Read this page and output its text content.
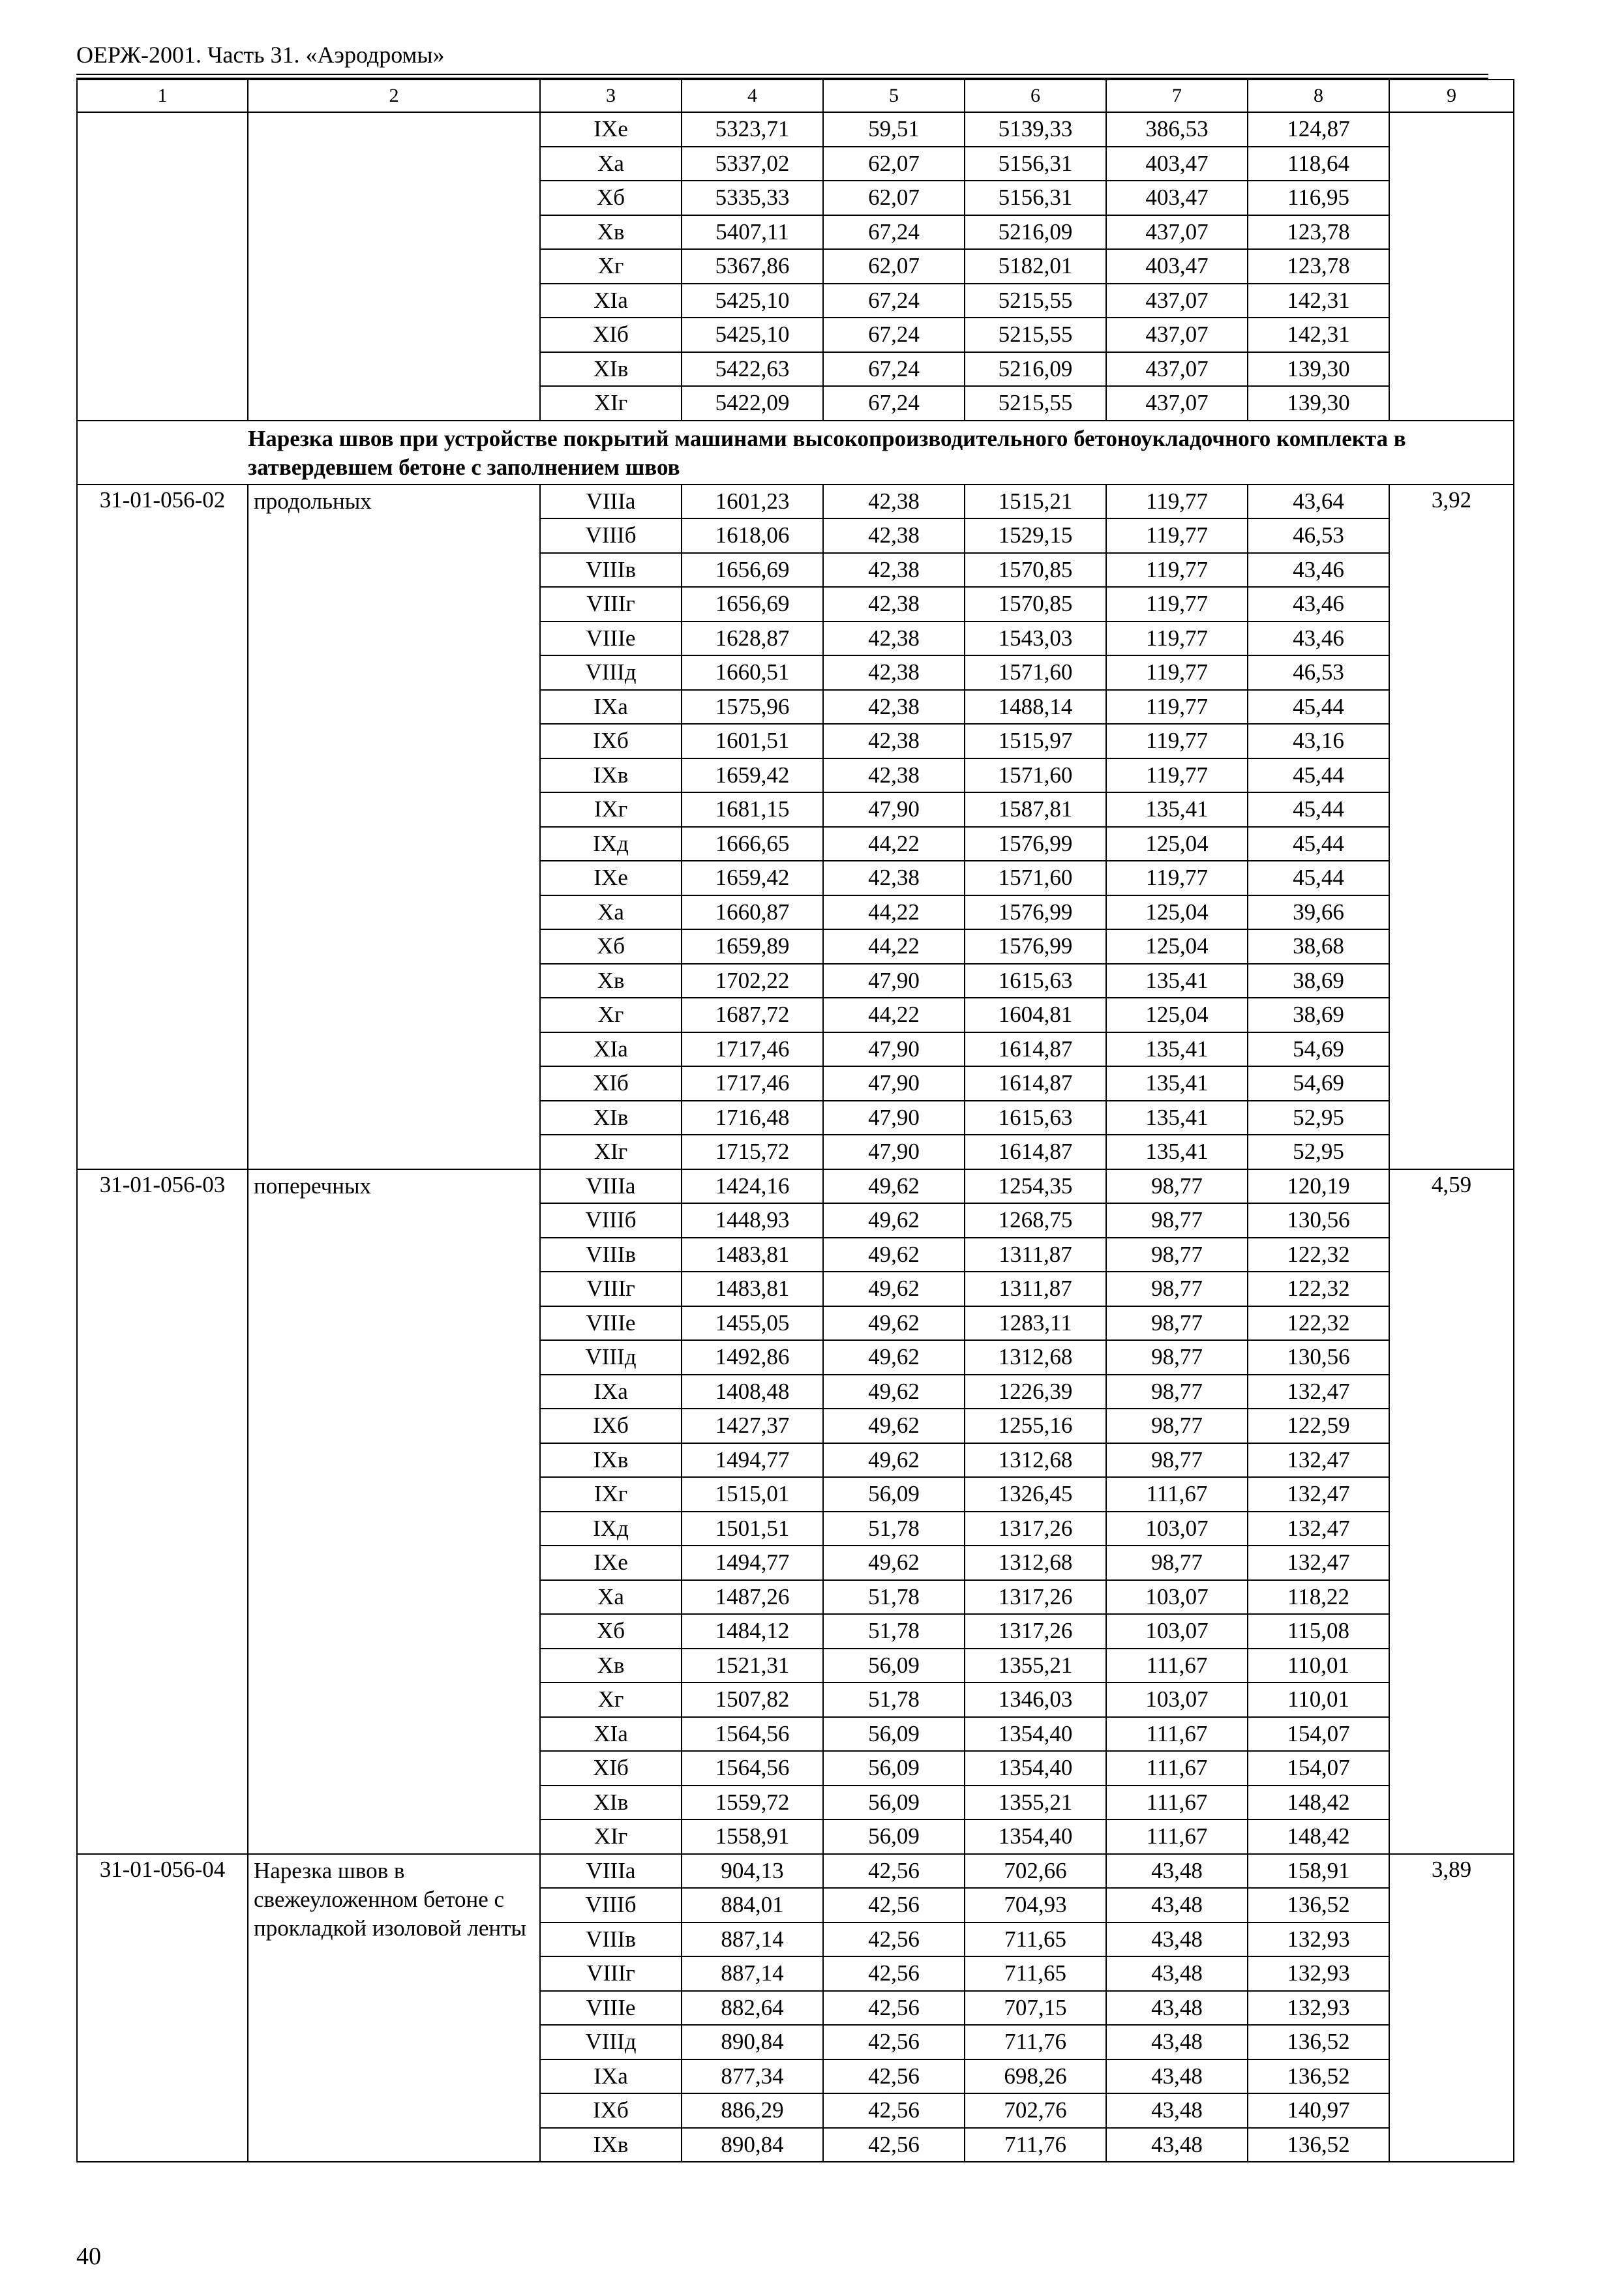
ОЕРЖ-2001. Часть 31. «Аэродромы»
1	2	3	4	5	6	7	8	9
		IXе	5323,71	59,51	5139,33	386,53	124,87	
		Xа	5337,02	62,07	5156,31	403,47	118,64	
		Xб	5335,33	62,07	5156,31	403,47	116,95	
		Xв	5407,11	67,24	5216,09	437,07	123,78	
		Xг	5367,86	62,07	5182,01	403,47	123,78	
		XIа	5425,10	67,24	5215,55	437,07	142,31	
		XIб	5425,10	67,24	5215,55	437,07	142,31	
		XIв	5422,63	67,24	5216,09	437,07	139,30	
		XIг	5422,09	67,24	5215,55	437,07	139,30	
	Нарезка швов при устройстве покрытий машинами высокопроизводительного бетоноукладочного комплекта в затвердевшем бетоне с заполнением швов							
31-01-056-02	продольных	VIIIа	1601,23	42,38	1515,21	119,77	43,64	3,92
		VIIIб	1618,06	42,38	1529,15	119,77	46,53	
		VIIIв	1656,69	42,38	1570,85	119,77	43,46	
		VIIIг	1656,69	42,38	1570,85	119,77	43,46	
		VIIIе	1628,87	42,38	1543,03	119,77	43,46	
		VIIIд	1660,51	42,38	1571,60	119,77	46,53	
		IXа	1575,96	42,38	1488,14	119,77	45,44	
		IXб	1601,51	42,38	1515,97	119,77	43,16	
		IXв	1659,42	42,38	1571,60	119,77	45,44	
		IXг	1681,15	47,90	1587,81	135,41	45,44	
		IXд	1666,65	44,22	1576,99	125,04	45,44	
		IXе	1659,42	42,38	1571,60	119,77	45,44	
		Xа	1660,87	44,22	1576,99	125,04	39,66	
		Xб	1659,89	44,22	1576,99	125,04	38,68	
		Xв	1702,22	47,90	1615,63	135,41	38,69	
		Xг	1687,72	44,22	1604,81	125,04	38,69	
		XIа	1717,46	47,90	1614,87	135,41	54,69	
		XIб	1717,46	47,90	1614,87	135,41	54,69	
		XIв	1716,48	47,90	1615,63	135,41	52,95	
		XIг	1715,72	47,90	1614,87	135,41	52,95	
31-01-056-03	поперечных	VIIIа	1424,16	49,62	1254,35	98,77	120,19	4,59
		VIIIб	1448,93	49,62	1268,75	98,77	130,56	
		VIIIв	1483,81	49,62	1311,87	98,77	122,32	
		VIIIг	1483,81	49,62	1311,87	98,77	122,32	
		VIIIе	1455,05	49,62	1283,11	98,77	122,32	
		VIIIд	1492,86	49,62	1312,68	98,77	130,56	
		IXа	1408,48	49,62	1226,39	98,77	132,47	
		IXб	1427,37	49,62	1255,16	98,77	122,59	
		IXв	1494,77	49,62	1312,68	98,77	132,47	
		IXг	1515,01	56,09	1326,45	111,67	132,47	
		IXд	1501,51	51,78	1317,26	103,07	132,47	
		IXе	1494,77	49,62	1312,68	98,77	132,47	
		Xа	1487,26	51,78	1317,26	103,07	118,22	
		Xб	1484,12	51,78	1317,26	103,07	115,08	
		Xв	1521,31	56,09	1355,21	111,67	110,01	
		Xг	1507,82	51,78	1346,03	103,07	110,01	
		XIа	1564,56	56,09	1354,40	111,67	154,07	
		XIб	1564,56	56,09	1354,40	111,67	154,07	
		XIв	1559,72	56,09	1355,21	111,67	148,42	
		XIг	1558,91	56,09	1354,40	111,67	148,42	
31-01-056-04	Нарезка швов в свежеуложенном бетоне с прокладкой изоловой ленты	VIIIа	904,13	42,56	702,66	43,48	158,91	3,89
		VIIIб	884,01	42,56	704,93	43,48	136,52	
		VIIIв	887,14	42,56	711,65	43,48	132,93	
		VIIIг	887,14	42,56	711,65	43,48	132,93	
		VIIIе	882,64	42,56	707,15	43,48	132,93	
		VIIIд	890,84	42,56	711,76	43,48	136,52	
		IXа	877,34	42,56	698,26	43,48	136,52	
		IXб	886,29	42,56	702,76	43,48	140,97	
		IXв	890,84	42,56	711,76	43,48	136,52	
40
